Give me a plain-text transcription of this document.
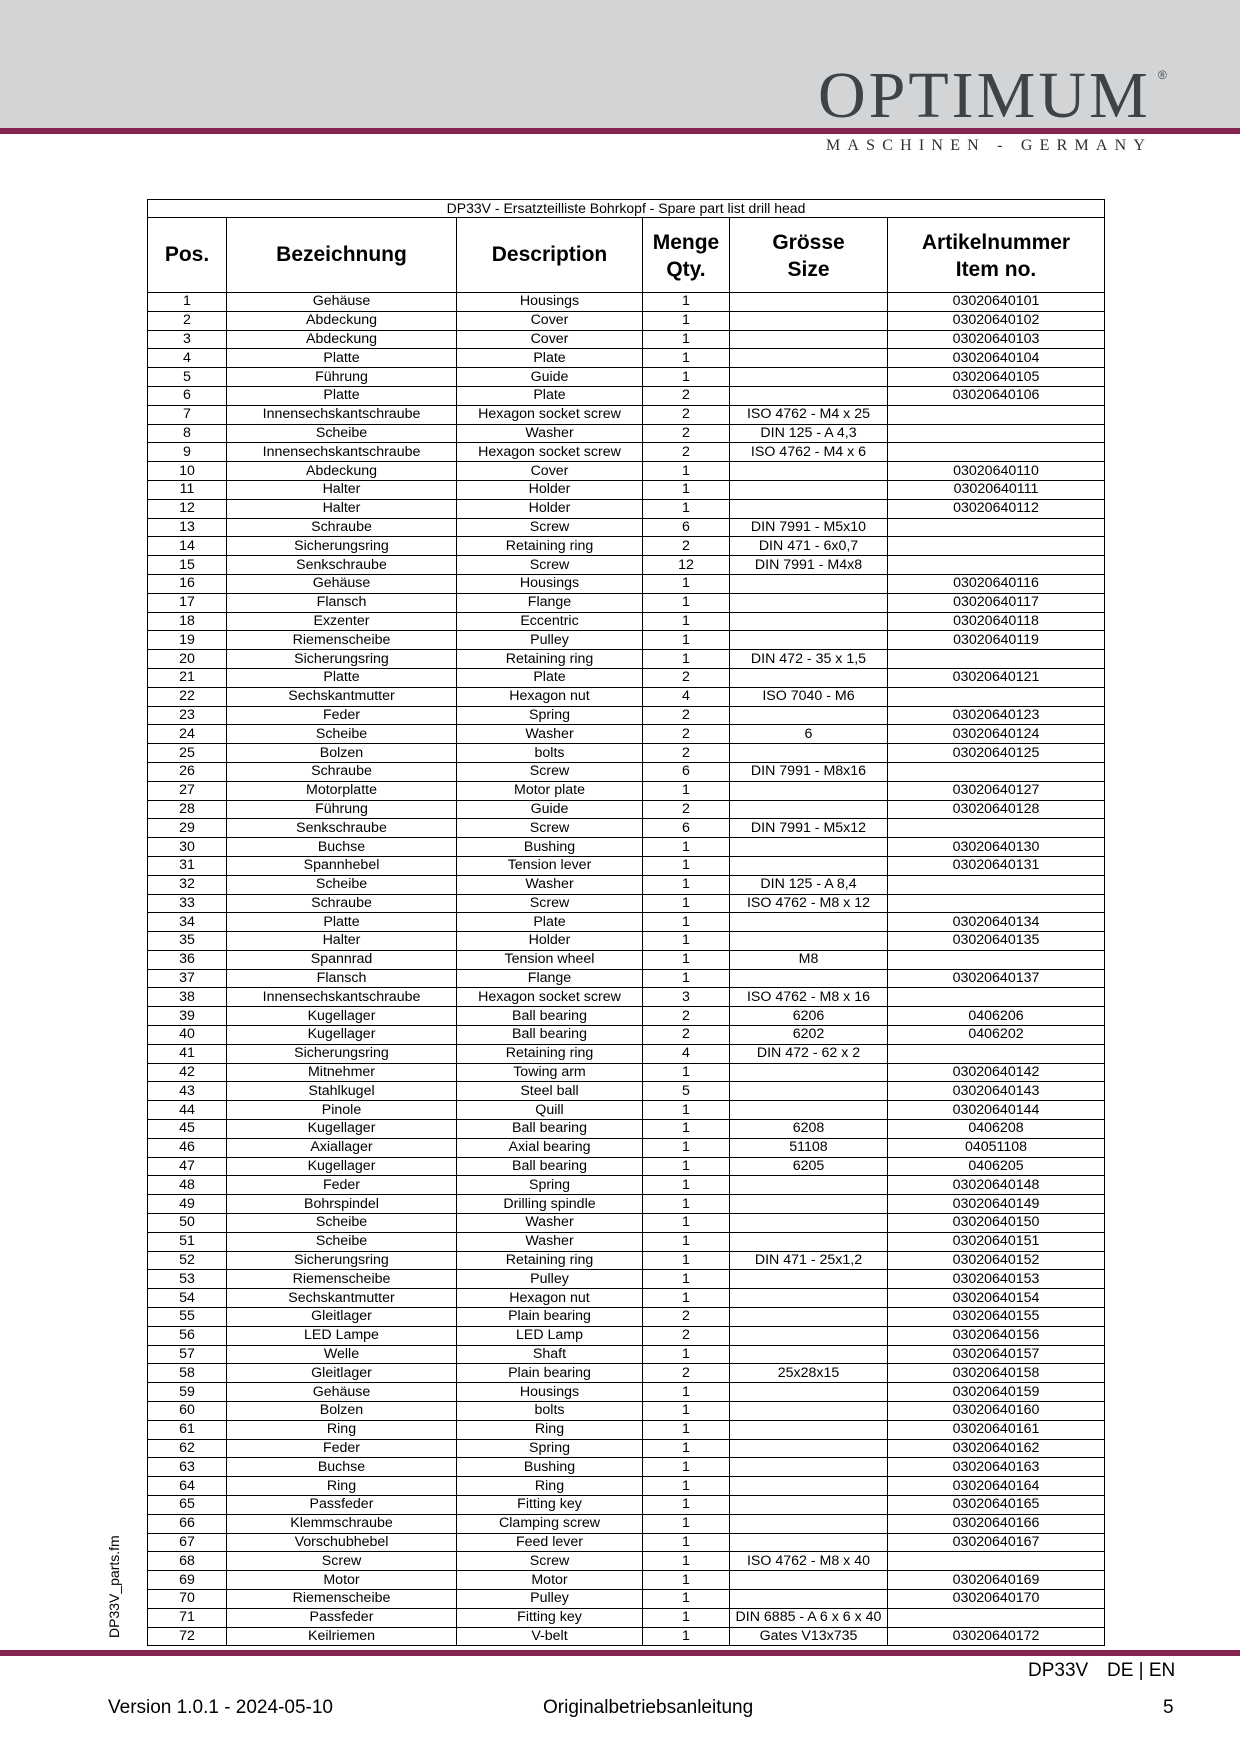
OPTIMUM ®
MASCHINEN - GERMANY
DP33V_parts.fm
DP33V - Ersatzteilliste Bohrkopf - Spare part list drill head					
Pos.	Bezeichnung	Description	Menge	Grösse	Artikelnummer
			Qty.	Size	Item no.
1	Gehäuse	Housings	1		03020640101
2	Abdeckung	Cover	1		03020640102
3	Abdeckung	Cover	1		03020640103
4	Platte	Plate	1		03020640104
5	Führung	Guide	1		03020640105
6	Platte	Plate	2		03020640106
7	Innensechskantschraube	Hexagon socket screw	2	ISO 4762 - M4 x 25	
8	Scheibe	Washer	2	DIN 125 - A 4,3	
9	Innensechskantschraube	Hexagon socket screw	2	ISO 4762 - M4 x 6	
10	Abdeckung	Cover	1		03020640110
11	Halter	Holder	1		03020640111
12	Halter	Holder	1		03020640112
13	Schraube	Screw	6	DIN 7991 - M5x10	
14	Sicherungsring	Retaining ring	2	DIN 471 - 6x0,7	
15	Senkschraube	Screw	12	DIN 7991 - M4x8	
16	Gehäuse	Housings	1		03020640116
17	Flansch	Flange	1		03020640117
18	Exzenter	Eccentric	1		03020640118
19	Riemenscheibe	Pulley	1		03020640119
20	Sicherungsring	Retaining ring	1	DIN 472 - 35 x 1,5	
21	Platte	Plate	2		03020640121
22	Sechskantmutter	Hexagon nut	4	ISO 7040 - M6	
23	Feder	Spring	2		03020640123
24	Scheibe	Washer	2	6	03020640124
25	Bolzen	bolts	2		03020640125
26	Schraube	Screw	6	DIN 7991 - M8x16	
27	Motorplatte	Motor plate	1		03020640127
28	Führung	Guide	2		03020640128
29	Senkschraube	Screw	6	DIN 7991 - M5x12	
30	Buchse	Bushing	1		03020640130
31	Spannhebel	Tension lever	1		03020640131
32	Scheibe	Washer	1	DIN 125 - A 8,4	
33	Schraube	Screw	1	ISO 4762 - M8 x 12	
34	Platte	Plate	1		03020640134
35	Halter	Holder	1		03020640135
36	Spannrad	Tension wheel	1	M8	
37	Flansch	Flange	1		03020640137
38	Innensechskantschraube	Hexagon socket screw	3	ISO 4762 - M8 x 16	
39	Kugellager	Ball bearing	2	6206	0406206
40	Kugellager	Ball bearing	2	6202	0406202
41	Sicherungsring	Retaining ring	4	DIN 472 - 62 x 2	
42	Mitnehmer	Towing arm	1		03020640142
43	Stahlkugel	Steel ball	5		03020640143
44	Pinole	Quill	1		03020640144
45	Kugellager	Ball bearing	1	6208	0406208
46	Axiallager	Axial bearing	1	51108	04051108
47	Kugellager	Ball bearing	1	6205	0406205
48	Feder	Spring	1		03020640148
49	Bohrspindel	Drilling spindle	1		03020640149
50	Scheibe	Washer	1		03020640150
51	Scheibe	Washer	1		03020640151
52	Sicherungsring	Retaining ring	1	DIN 471 - 25x1,2	03020640152
53	Riemenscheibe	Pulley	1		03020640153
54	Sechskantmutter	Hexagon nut	1		03020640154
55	Gleitlager	Plain bearing	2		03020640155
56	LED Lampe	LED Lamp	2		03020640156
57	Welle	Shaft	1		03020640157
58	Gleitlager	Plain bearing	2	25x28x15	03020640158
59	Gehäuse	Housings	1		03020640159
60	Bolzen	bolts	1		03020640160
61	Ring	Ring	1		03020640161
62	Feder	Spring	1		03020640162
63	Buchse	Bushing	1		03020640163
64	Ring	Ring	1		03020640164
65	Passfeder	Fitting key	1		03020640165
66	Klemmschraube	Clamping screw	1		03020640166
67	Vorschubhebel	Feed lever	1		03020640167
68	Screw	Screw	1	ISO 4762 - M8 x 40	
69	Motor	Motor	1		03020640169
70	Riemenscheibe	Pulley	1		03020640170
71	Passfeder	Fitting key	1	DIN 6885 - A 6 x 6 x 40	
72	Keilriemen	V-belt	1	Gates V13x735	03020640172
DP33V DE | EN
Version 1.0.1 - 2024-05-10	Originalbetriebsanleitung	5
